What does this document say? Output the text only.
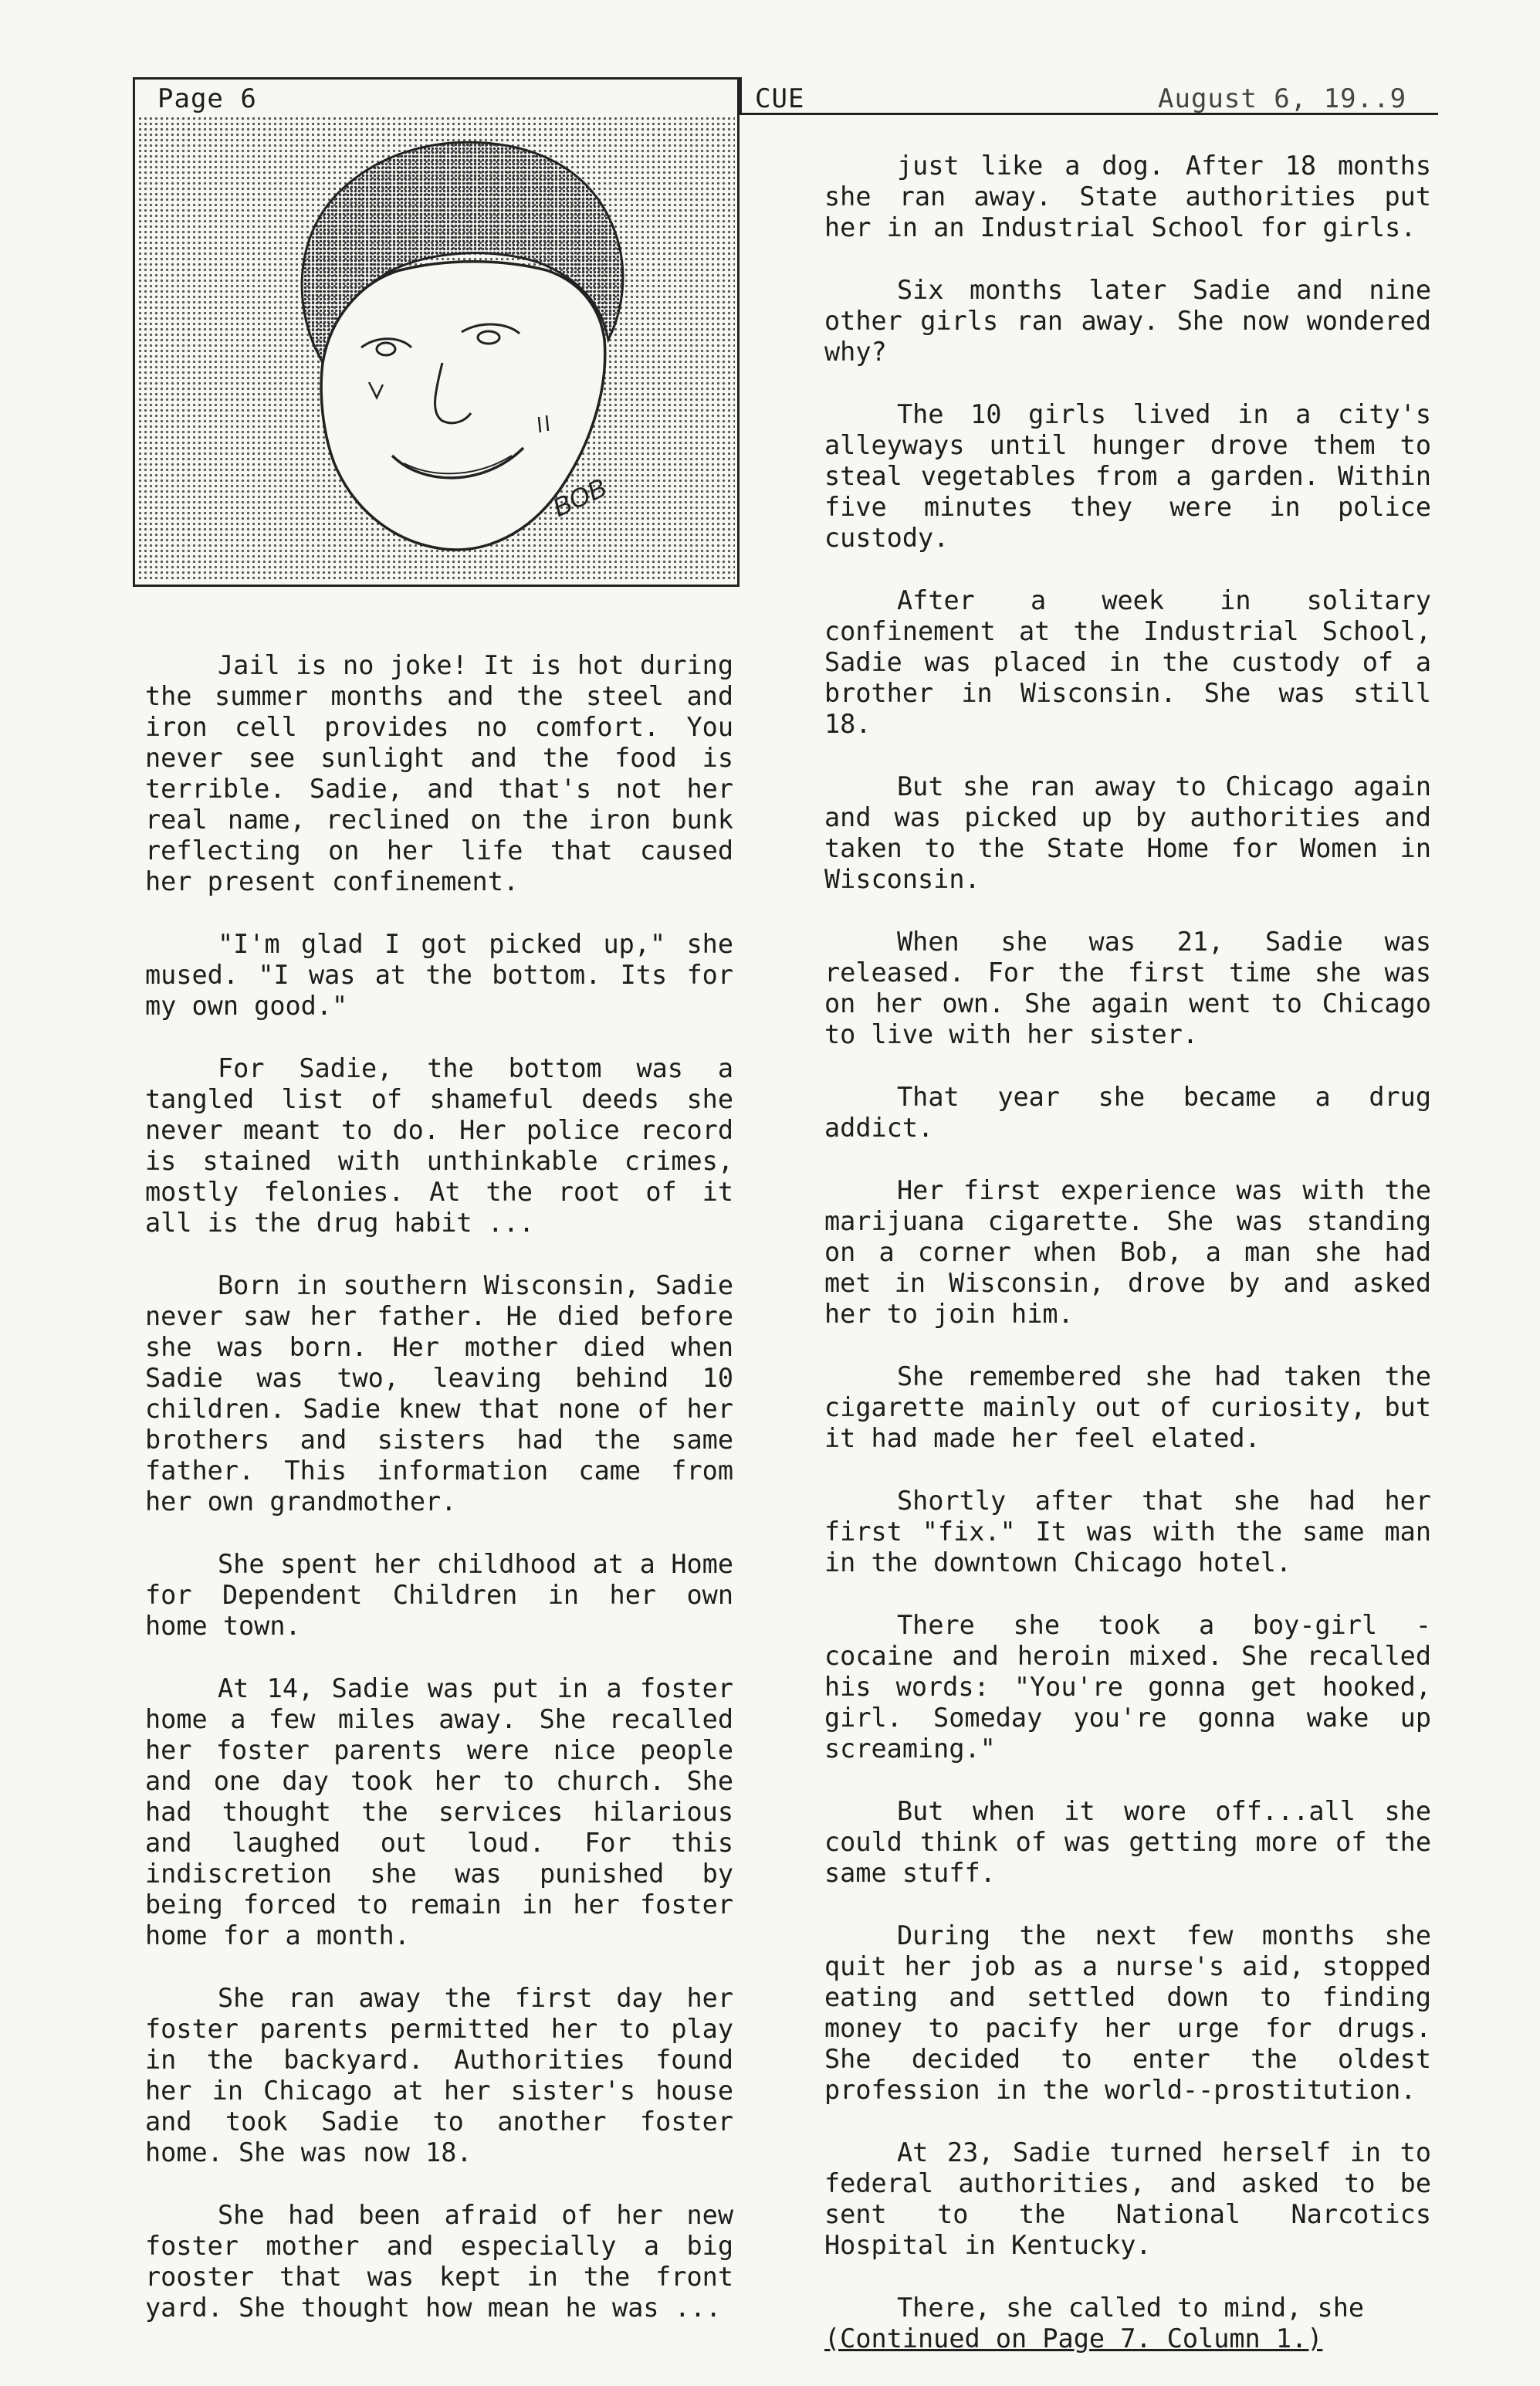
Page 6	CUE	August 6, 19..9
BOB

Jail is no joke! It is hot during the summer months and the steel and iron cell provides no comfort. You never see sunlight and the food is terrible. Sadie, and that's not her real name, reclined on the iron bunk reflecting on her life that caused her present confinement.

"I'm glad I got picked up," she mused. "I was at the bottom. Its for my own good."

For Sadie, the bottom was a tangled list of shameful deeds she never meant to do. Her police record is stained with unthinkable crimes, mostly felonies. At the root of it all is the drug habit ...

Born in southern Wisconsin, Sadie never saw her father. He died before she was born. Her mother died when Sadie was two, leaving behind 10 children. Sadie knew that none of her brothers and sisters had the same father. This information came from her own grandmother.

She spent her childhood at a Home for Dependent Children in her own home town.

At 14, Sadie was put in a foster home a few miles away. She recalled her foster parents were nice people and one day took her to church. She had thought the services hilarious and laughed out loud. For this indiscretion she was punished by being forced to remain in her foster home for a month.

She ran away the first day her foster parents permitted her to play in the backyard. Authorities found her in Chicago at her sister's house and took Sadie to another foster home. She was now 18.

She had been afraid of her new foster mother and especially a big rooster that was kept in the front yard. She thought how mean he was ...

just like a dog. After 18 months she ran away. State authorities put her in an Industrial School for girls.

Six months later Sadie and nine other girls ran away. She now wondered why?

The 10 girls lived in a city's alleyways until hunger drove them to steal vegetables from a garden. Within five minutes they were in police custody.

After a week in solitary confinement at the Industrial School, Sadie was placed in the custody of a brother in Wisconsin. She was still 18.

But she ran away to Chicago again and was picked up by authorities and taken to the State Home for Women in Wisconsin.

When she was 21, Sadie was released. For the first time she was on her own. She again went to Chicago to live with her sister.

That year she became a drug addict.

Her first experience was with the marijuana cigarette. She was standing on a corner when Bob, a man she had met in Wisconsin, drove by and asked her to join him.

She remembered she had taken the cigarette mainly out of curiosity, but it had made her feel elated.

Shortly after that she had her first "fix." It was with the same man in the downtown Chicago hotel.

There she took a boy-girl - cocaine and heroin mixed. She recalled his words: "You're gonna get hooked, girl. Someday you're gonna wake up screaming."

But when it wore off...all she could think of was getting more of the same stuff.

During the next few months she quit her job as a nurse's aid, stopped eating and settled down to finding money to pacify her urge for drugs. She decided to enter the oldest profession in the world--prostitution.

At 23, Sadie turned herself in to federal authorities, and asked to be sent to the National Narcotics Hospital in Kentucky.

There, she called to mind, she

(Continued on Page 7. Column 1.)
